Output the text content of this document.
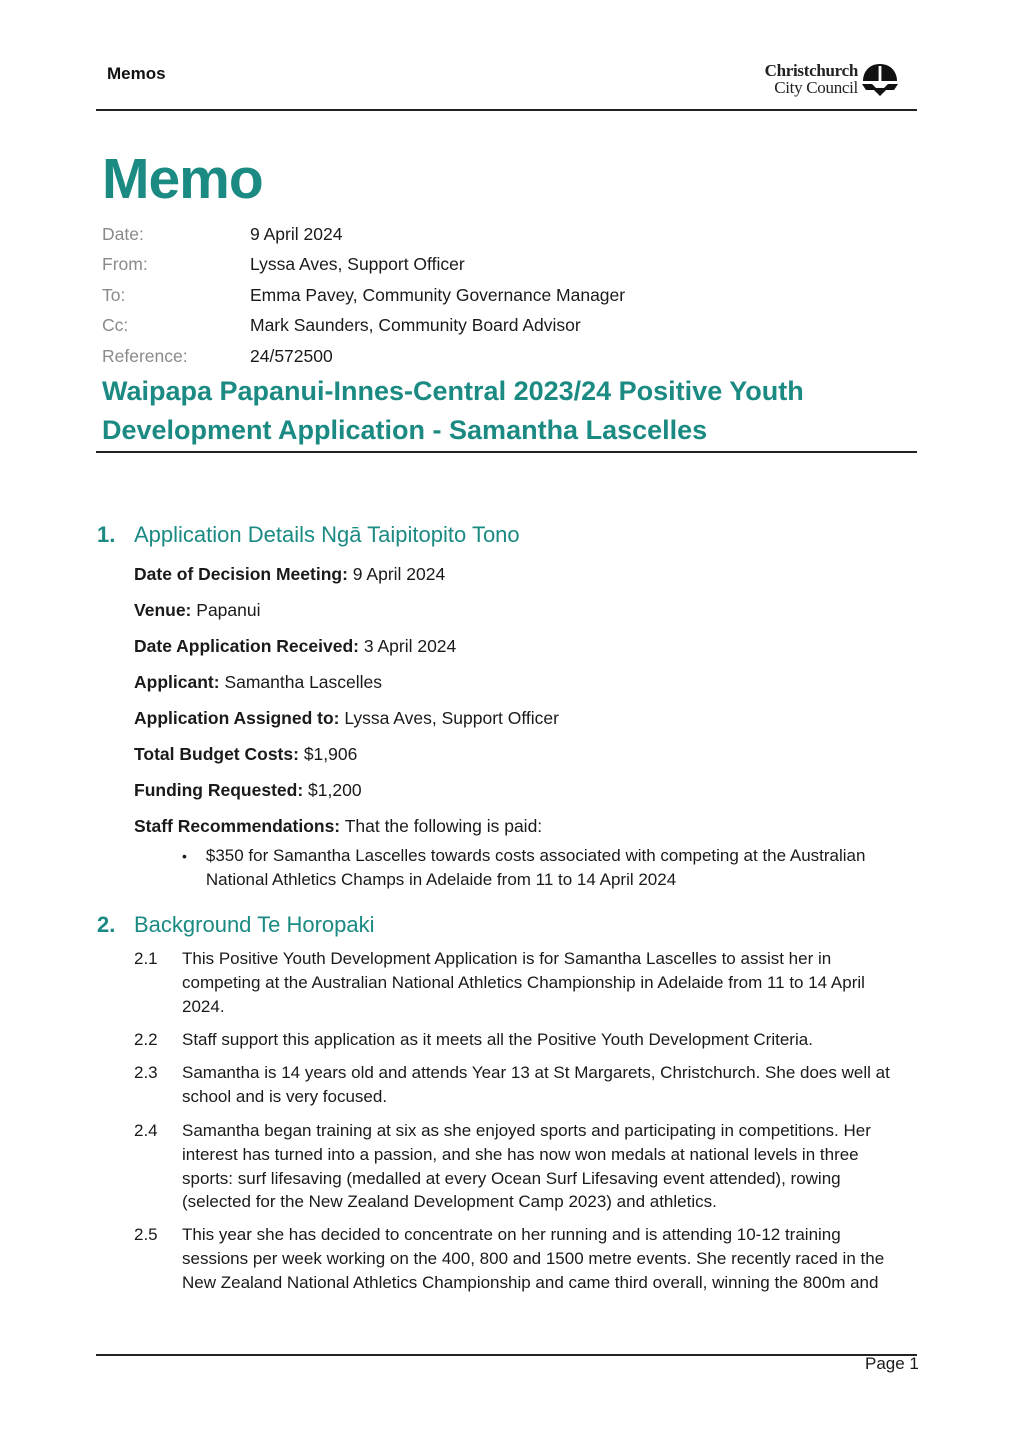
Memos	Christchurch
City Council
Memo
Date:	9 April 2024
From:	Lyssa Aves, Support Officer
To:	Emma Pavey, Community Governance Manager
Cc:	Mark Saunders, Community Board Advisor
Reference:	24/572500
Waipapa Papanui-Innes-Central 2023/24 Positive Youth
Development Application - Samantha Lascelles
1. Application Details Ngā Taipitopito Tono
Date of Decision Meeting: 9 April 2024
Venue: Papanui
Date Application Received: 3 April 2024
Applicant: Samantha Lascelles
Application Assigned to: Lyssa Aves, Support Officer
Total Budget Costs: $1,906
Funding Requested: $1,200
Staff Recommendations: That the following is paid:
•	$350 for Samantha Lascelles towards costs associated with competing at the Australian National Athletics Champs in Adelaide from 11 to 14 April 2024
2. Background Te Horopaki
2.1	This Positive Youth Development Application is for Samantha Lascelles to assist her in competing at the Australian National Athletics Championship in Adelaide from 11 to 14 April 2024.
2.2	Staff support this application as it meets all the Positive Youth Development Criteria.
2.3	Samantha is 14 years old and attends Year 13 at St Margarets, Christchurch. She does well at school and is very focused.
2.4	Samantha began training at six as she enjoyed sports and participating in competitions. Her interest has turned into a passion, and she has now won medals at national levels in three sports: surf lifesaving (medalled at every Ocean Surf Lifesaving event attended), rowing (selected for the New Zealand Development Camp 2023) and athletics.
2.5	This year she has decided to concentrate on her running and is attending 10-12 training sessions per week working on the 400, 800 and 1500 metre events. She recently raced in the New Zealand National Athletics Championship and came third overall, winning the 800m and
Page 1
